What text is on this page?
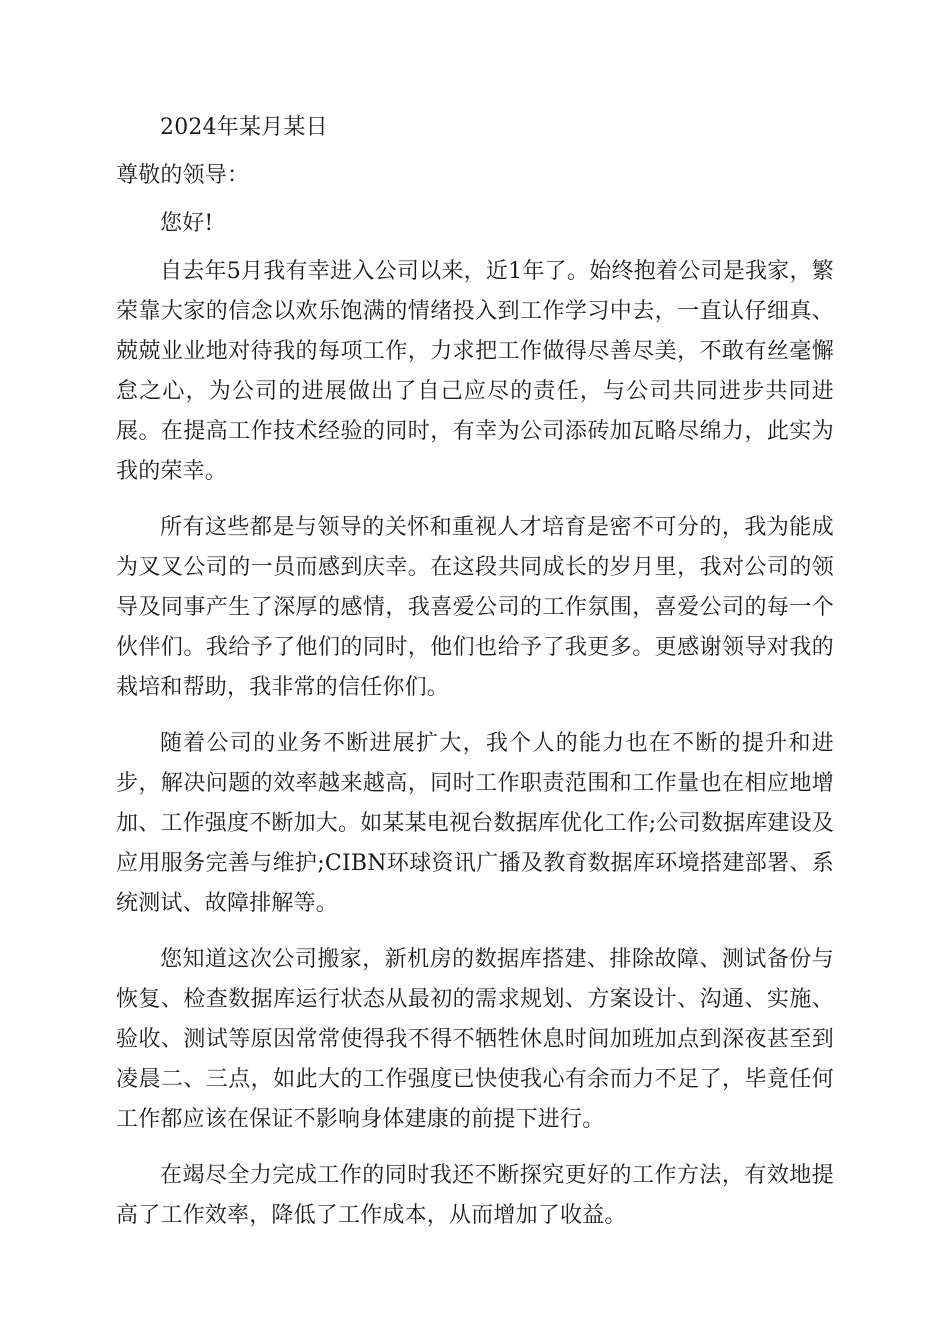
2024年某月某日

尊敬的领导：

您好!

自去年5月我有幸进入公司以来，近1年了。始终抱着公司是我家，繁荣靠大家的信念以欢乐饱满的情绪投入到工作学习中去，一直认仔细真、兢兢业业地对待我的每项工作，力求把工作做得尽善尽美，不敢有丝毫懈怠之心，为公司的进展做出了自己应尽的责任，与公司共同进步共同进展。在提高工作技术经验的同时，有幸为公司添砖加瓦略尽绵力，此实为我的荣幸。

所有这些都是与领导的关怀和重视人才培育是密不可分的，我为能成为叉叉公司的一员而感到庆幸。在这段共同成长的岁月里，我对公司的领导及同事产生了深厚的感情，我喜爱公司的工作氛围，喜爱公司的每一个伙伴们。我给予了他们的同时，他们也给予了我更多。更感谢领导对我的栽培和帮助，我非常的信任你们。

随着公司的业务不断进展扩大，我个人的能力也在不断的提升和进步，解决问题的效率越来越高，同时工作职责范围和工作量也在相应地增加、工作强度不断加大。如某某电视台数据库优化工作;公司数据库建设及应用服务完善与维护;CIBN环球资讯广播及教育数据库环境搭建部署、系统测试、故障排解等。

您知道这次公司搬家，新机房的数据库搭建、排除故障、测试备份与恢复、检查数据库运行状态从最初的需求规划、方案设计、沟通、实施、验收、测试等原因常常使得我不得不牺牲休息时间加班加点到深夜甚至到凌晨二、三点，如此大的工作强度已快使我心有余而力不足了，毕竟任何工作都应该在保证不影响身体建康的前提下进行。

在竭尽全力完成工作的同时我还不断探究更好的工作方法，有效地提高了工作效率，降低了工作成本，从而增加了收益。
